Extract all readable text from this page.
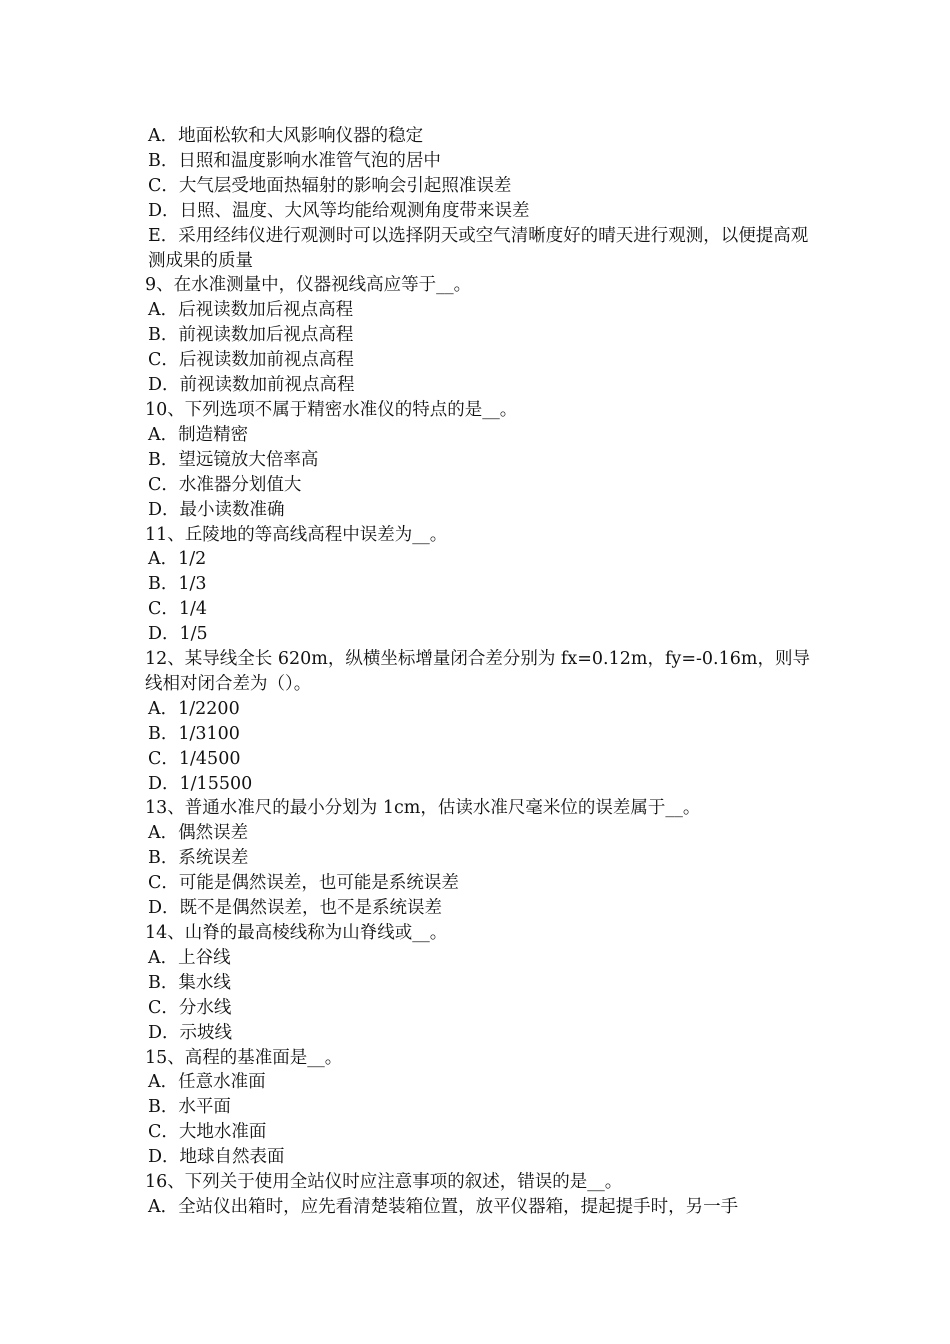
A．地面松软和大风影响仪器的稳定
B．日照和温度影响水准管气泡的居中
C．大气层受地面热辐射的影响会引起照准误差
D．日照、温度、大风等均能给观测角度带来误差
E．采用经纬仪进行观测时可以选择阴天或空气清晰度好的晴天进行观测，以便提高观测成果的质量
9、在水准测量中，仪器视线高应等于__。
A．后视读数加后视点高程
B．前视读数加后视点高程
C．后视读数加前视点高程
D．前视读数加前视点高程
10、下列选项不属于精密水准仪的特点的是__。
A．制造精密
B．望远镜放大倍率高
C．水准器分划值大
D．最小读数准确
11、丘陵地的等高线高程中误差为__。
A．1/2
B．1/3
C．1/4
D．1/5
12、某导线全长 620m，纵横坐标增量闭合差分别为 fx=0.12m，fy=-0.16m，则导线相对闭合差为（）。
A．1/2200
B．1/3100
C．1/4500
D．1/15500
13、普通水准尺的最小分划为 1cm，估读水准尺毫米位的误差属于__。
A．偶然误差
B．系统误差
C．可能是偶然误差，也可能是系统误差
D．既不是偶然误差，也不是系统误差
14、山脊的最高棱线称为山脊线或__。
A．上谷线
B．集水线
C．分水线
D．示坡线
15、高程的基准面是__。
A．任意水准面
B．水平面
C．大地水准面
D．地球自然表面
16、下列关于使用全站仪时应注意事项的叙述，错误的是__。
A．全站仪出箱时，应先看清楚装箱位置，放平仪器箱，提起提手时，另一手
